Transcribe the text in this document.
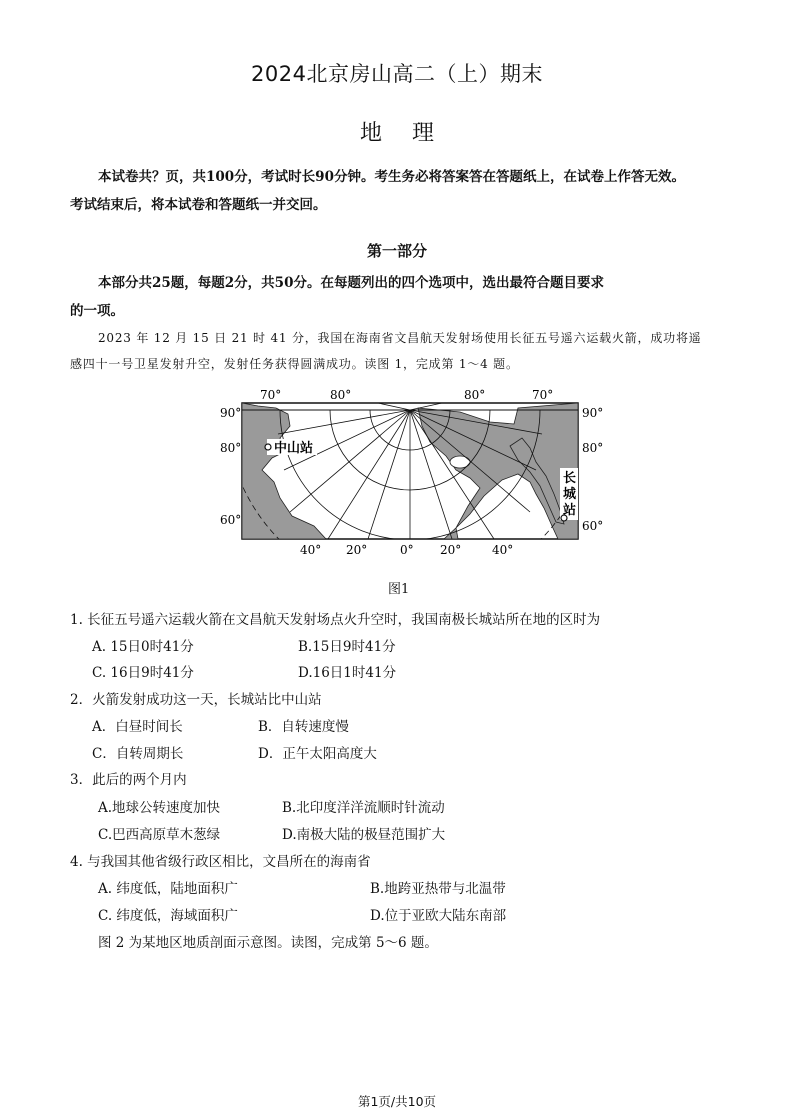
2024北京房山高二（上）期末
地理
本试卷共？页，共100分，考试时长90分钟。考生务必将答案答在答题纸上，在试卷上作答无效。
考试结束后，将本试卷和答题纸一并交回。
第一部分
本部分共25题，每题2分，共50分。在每题列出的四个选项中，选出最符合题目要求
的一项。
2023 年 12 月 15 日 21 时 41 分，我国在海南省文昌航天发射场使用长征五号遥六运载火箭，成功将遥
感四十一号卫星发射升空，发射任务获得圆满成功。读图 1，完成第 1～4 题。
中山站
长
城
站
70°	80°	80°	70°
90°
80°
60°
90°
80°
60°
40° 20°	0° 20°	40°
图1
1. 长征五号遥六运载火箭在文昌航天发射场点火升空时，我国南极长城站所在地的区时为
A. 15日0时41分	B.15日9时41分
C. 16日9时41分	D.16日1时41分
2．火箭发射成功这一天，长城站比中山站
A．白昼时间长	B．自转速度慢
C．自转周期长	D．正午太阳高度大
3．此后的两个月内
A.地球公转速度加快	B.北印度洋洋流顺时针流动
C.巴西高原草木葱绿	D.南极大陆的极昼范围扩大
4. 与我国其他省级行政区相比，文昌所在的海南省
A. 纬度低，陆地面积广	B.地跨亚热带与北温带
C. 纬度低，海域面积广	D.位于亚欧大陆东南部
图 2 为某地区地质剖面示意图。读图，完成第 5～6 题。
第1页/共10页
